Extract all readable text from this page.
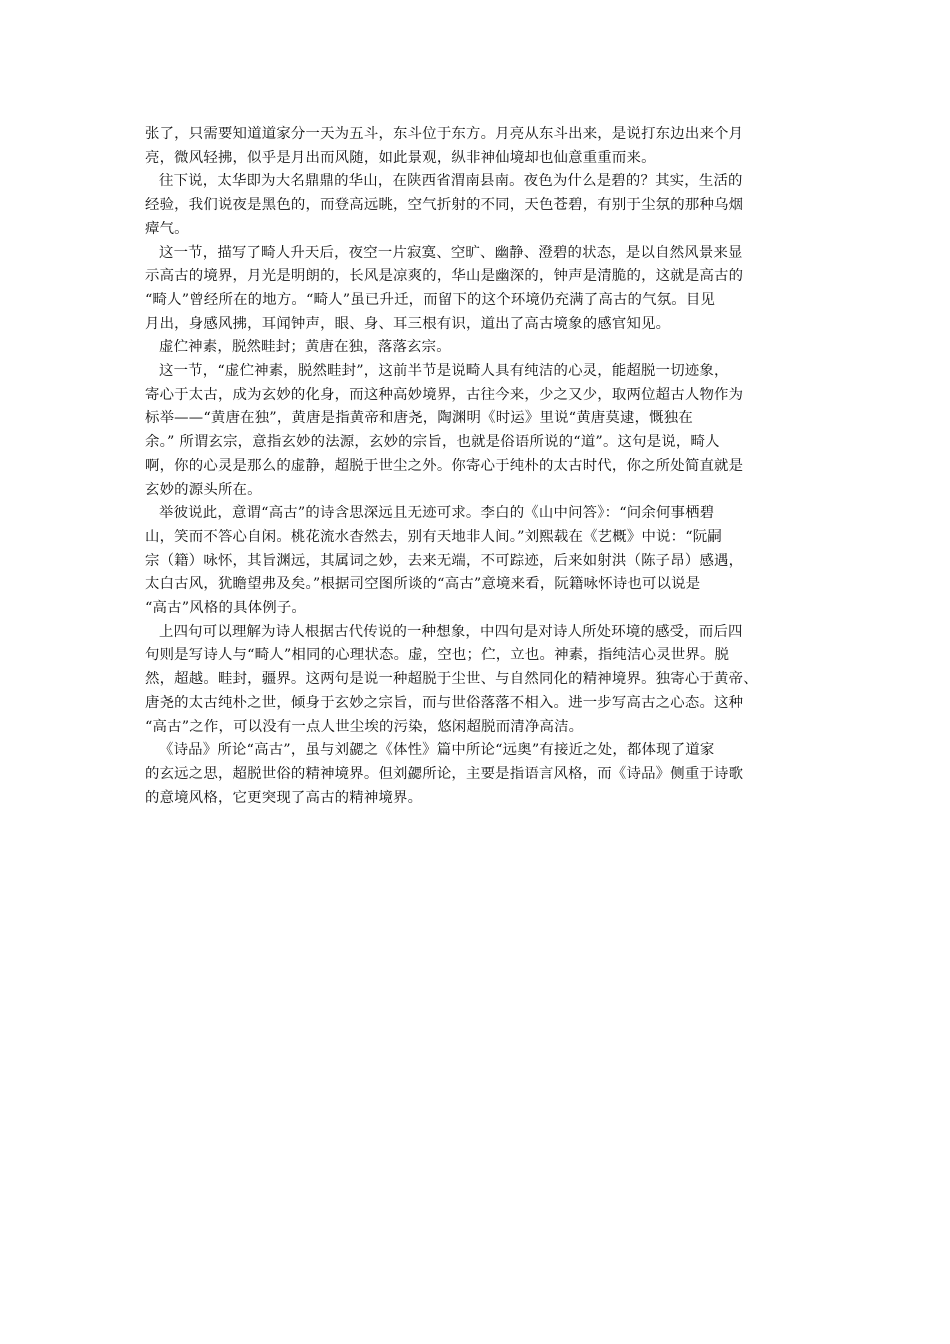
张了，只需要知道道家分一天为五斗，东斗位于东方。月亮从东斗出来，是说打东边出来个月
亮，微风轻拂，似乎是月出而风随，如此景观，纵非神仙境却也仙意重重而来。
往下说，太华即为大名鼎鼎的华山，在陕西省渭南县南。夜色为什么是碧的？其实，生活的
经验，我们说夜是黑色的，而登高远眺，空气折射的不同，天色苍碧，有别于尘氛的那种乌烟
瘴气。
这一节，描写了畸人升天后，夜空一片寂寞、空旷、幽静、澄碧的状态，是以自然风景来显
示高古的境界，月光是明朗的，长风是凉爽的，华山是幽深的，钟声是清脆的，这就是高古的
“畸人”曾经所在的地方。“畸人”虽已升迁，而留下的这个环境仍充满了高古的气氛。目见
月出，身感风拂，耳闻钟声，眼、身、耳三根有识，道出了高古境象的感官知见。
虚伫神素，脱然畦封；黄唐在独，落落玄宗。
这一节，“虚伫神素，脱然畦封”，这前半节是说畸人具有纯洁的心灵，能超脱一切迹象，
寄心于太古，成为玄妙的化身，而这种高妙境界，古往今来，少之又少，取两位超古人物作为
标举——“黄唐在独”，黄唐是指黄帝和唐尧，陶渊明《时运》里说“黄唐莫逮，慨独在
余。” 所谓玄宗，意指玄妙的法源，玄妙的宗旨，也就是俗语所说的“道”。这句是说，畸人
啊，你的心灵是那么的虚静，超脱于世尘之外。你寄心于纯朴的太古时代，你之所处简直就是
玄妙的源头所在。
举彼说此，意谓“高古”的诗含思深远且无迹可求。李白的《山中问答》：“问余何事栖碧
山，笑而不答心自闲。桃花流水杳然去，别有天地非人间。”刘熙载在《艺概》中说：“阮嗣
宗（籍）咏怀，其旨渊远，其属词之妙，去来无端，不可踪迹，后来如射洪（陈子昂）感遇，
太白古风，犹瞻望弗及矣。”根据司空图所谈的“高古”意境来看，阮籍咏怀诗也可以说是
“高古”风格的具体例子。
上四句可以理解为诗人根据古代传说的一种想象，中四句是对诗人所处环境的感受，而后四
句则是写诗人与“畸人”相同的心理状态。虚，空也；伫，立也。神素，指纯洁心灵世界。脱
然，超越。畦封，疆界。这两句是说一种超脱于尘世、与自然同化的精神境界。独寄心于黄帝、
唐尧的太古纯朴之世，倾身于玄妙之宗旨，而与世俗落落不相入。进一步写高古之心态。这种
“高古”之作，可以没有一点人世尘埃的污染，悠闲超脱而清净高洁。
《诗品》所论“高古”，虽与刘勰之《体性》篇中所论“远奥”有接近之处，都体现了道家
的玄远之思，超脱世俗的精神境界。但刘勰所论，主要是指语言风格，而《诗品》侧重于诗歌
的意境风格，它更突现了高古的精神境界。
